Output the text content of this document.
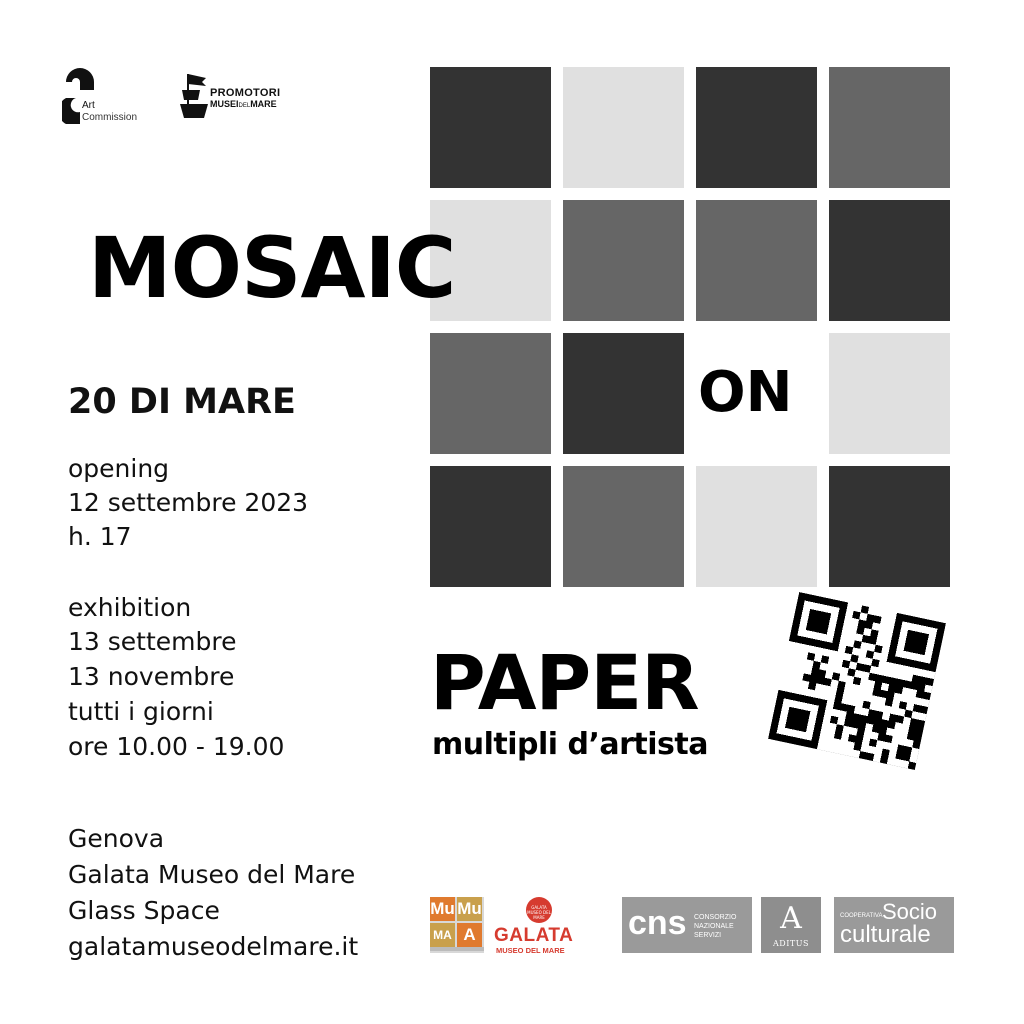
Art
Commission
PROMOTORI
MUSEIDELMARE
MOSAIC
ON
PAPER
multipli d’artista
20 DI MARE
opening
12 settembre 2023
h. 17
exhibition
13 settembre
13 novembre
tutti i giorni
ore 10.00 - 19.00
Genova
Galata Museo del Mare
Glass Space
galatamuseodelmare.it
Mu Mu
MA A
GALATA MUSEO DEL MARE
GALATA
MUSEO DEL MARE
cns CONSORZIO
NAZIONALE
SERVIZI	A
ADITUS
COOPERATIVA Socio
culturale
